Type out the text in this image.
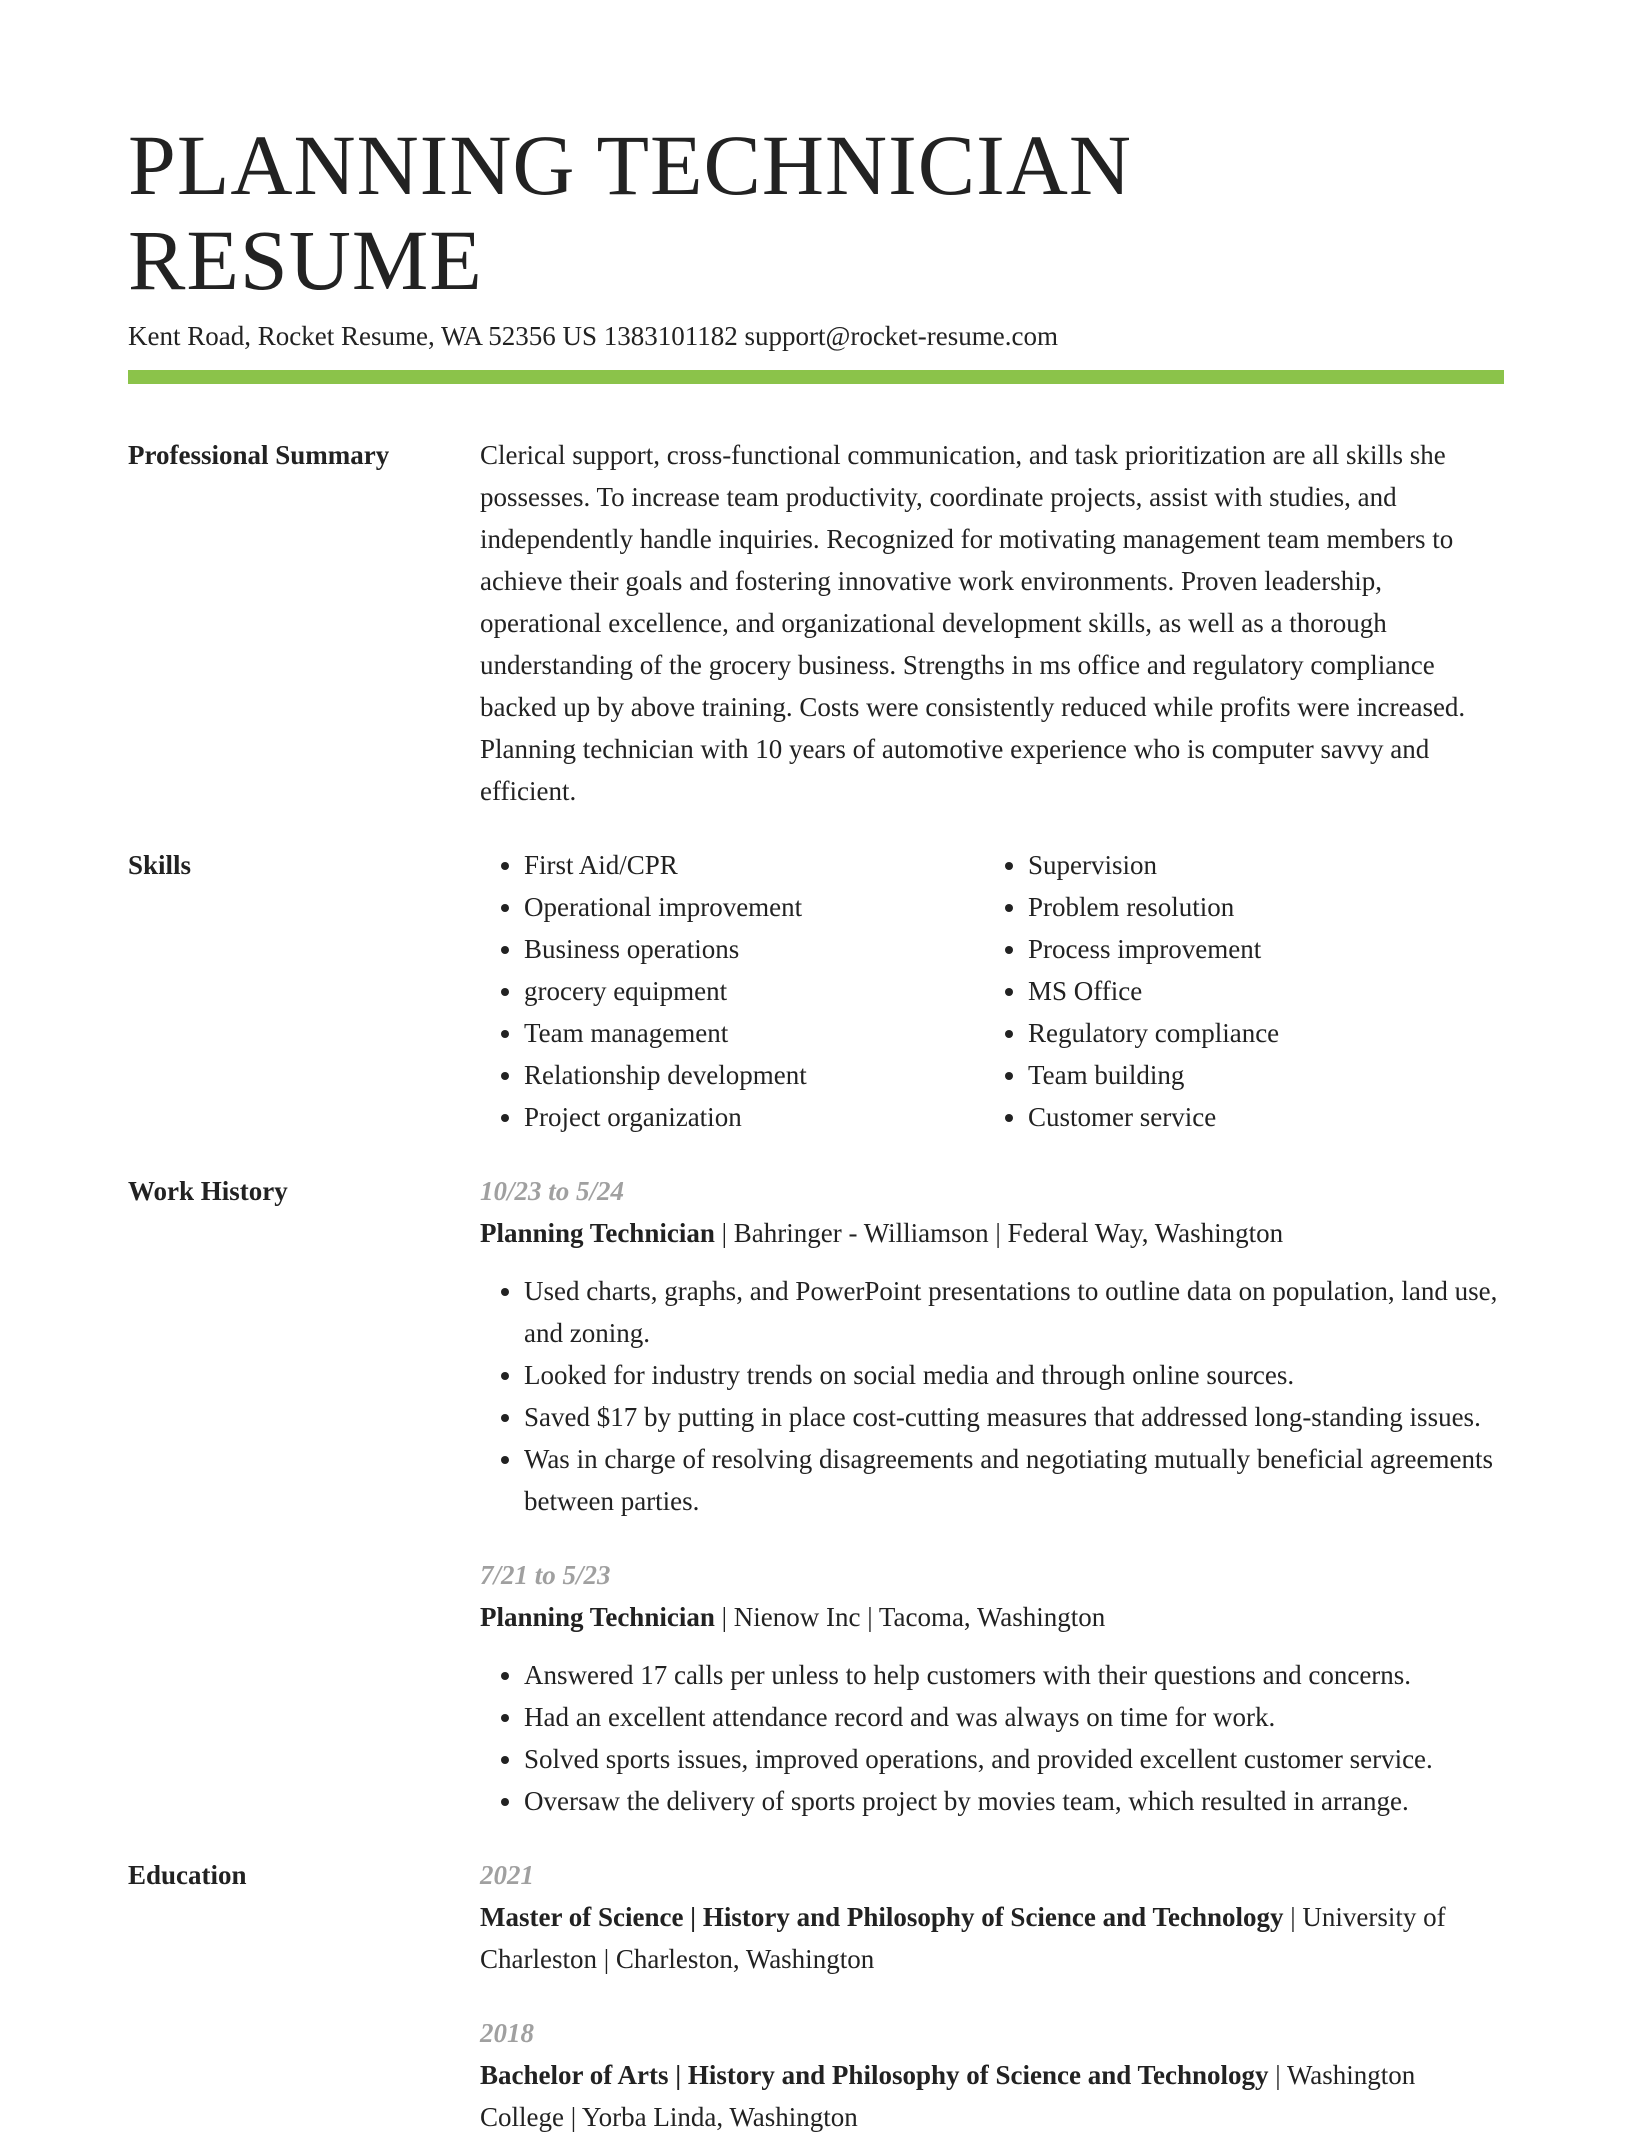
PLANNING TECHNICIAN RESUME
Kent Road, Rocket Resume, WA 52356 US 1383101182 support@rocket-resume.com
Professional Summary	Clerical support, cross-functional communication, and task prioritization are all skills she possesses. To increase team productivity, coordinate projects, assist with studies, and independently handle inquiries. Recognized for motivating management team members to achieve their goals and fostering innovative work environments. Proven leadership, operational excellence, and organizational development skills, as well as a thorough understanding of the grocery business. Strengths in ms office and regulatory compliance backed up by above training. Costs were consistently reduced while profits were increased. Planning technician with 10 years of automotive experience who is computer savvy and efficient.

Skills
•	First Aid/CPR
• Operational improvement
• Business operations
• grocery equipment
• Team management
• Relationship development
• Project organization
• Supervision
• Problem resolution
• Process improvement
• MS Office
• Regulatory compliance
• Team building
• Customer service
Work History	10/23 to 5/24
Planning Technician | Bahringer - Williamson | Federal Way, Washington
• Used charts, graphs, and PowerPoint presentations to outline data on population, land use, and zoning.
• Looked for industry trends on social media and through online sources.
• Saved $17 by putting in place cost-cutting measures that addressed long-standing issues.
• Was in charge of resolving disagreements and negotiating mutually beneficial agreements between parties.
7/21 to 5/23
Planning Technician | Nienow Inc | Tacoma, Washington
• Answered 17 calls per unless to help customers with their questions and concerns.
• Had an excellent attendance record and was always on time for work.
• Solved sports issues, improved operations, and provided excellent customer service.
• Oversaw the delivery of sports project by movies team, which resulted in arrange.
Education	2021
Master of Science | History and Philosophy of Science and Technology | University of Charleston | Charleston, Washington
2018
Bachelor of Arts | History and Philosophy of Science and Technology | Washington College | Yorba Linda, Washington
